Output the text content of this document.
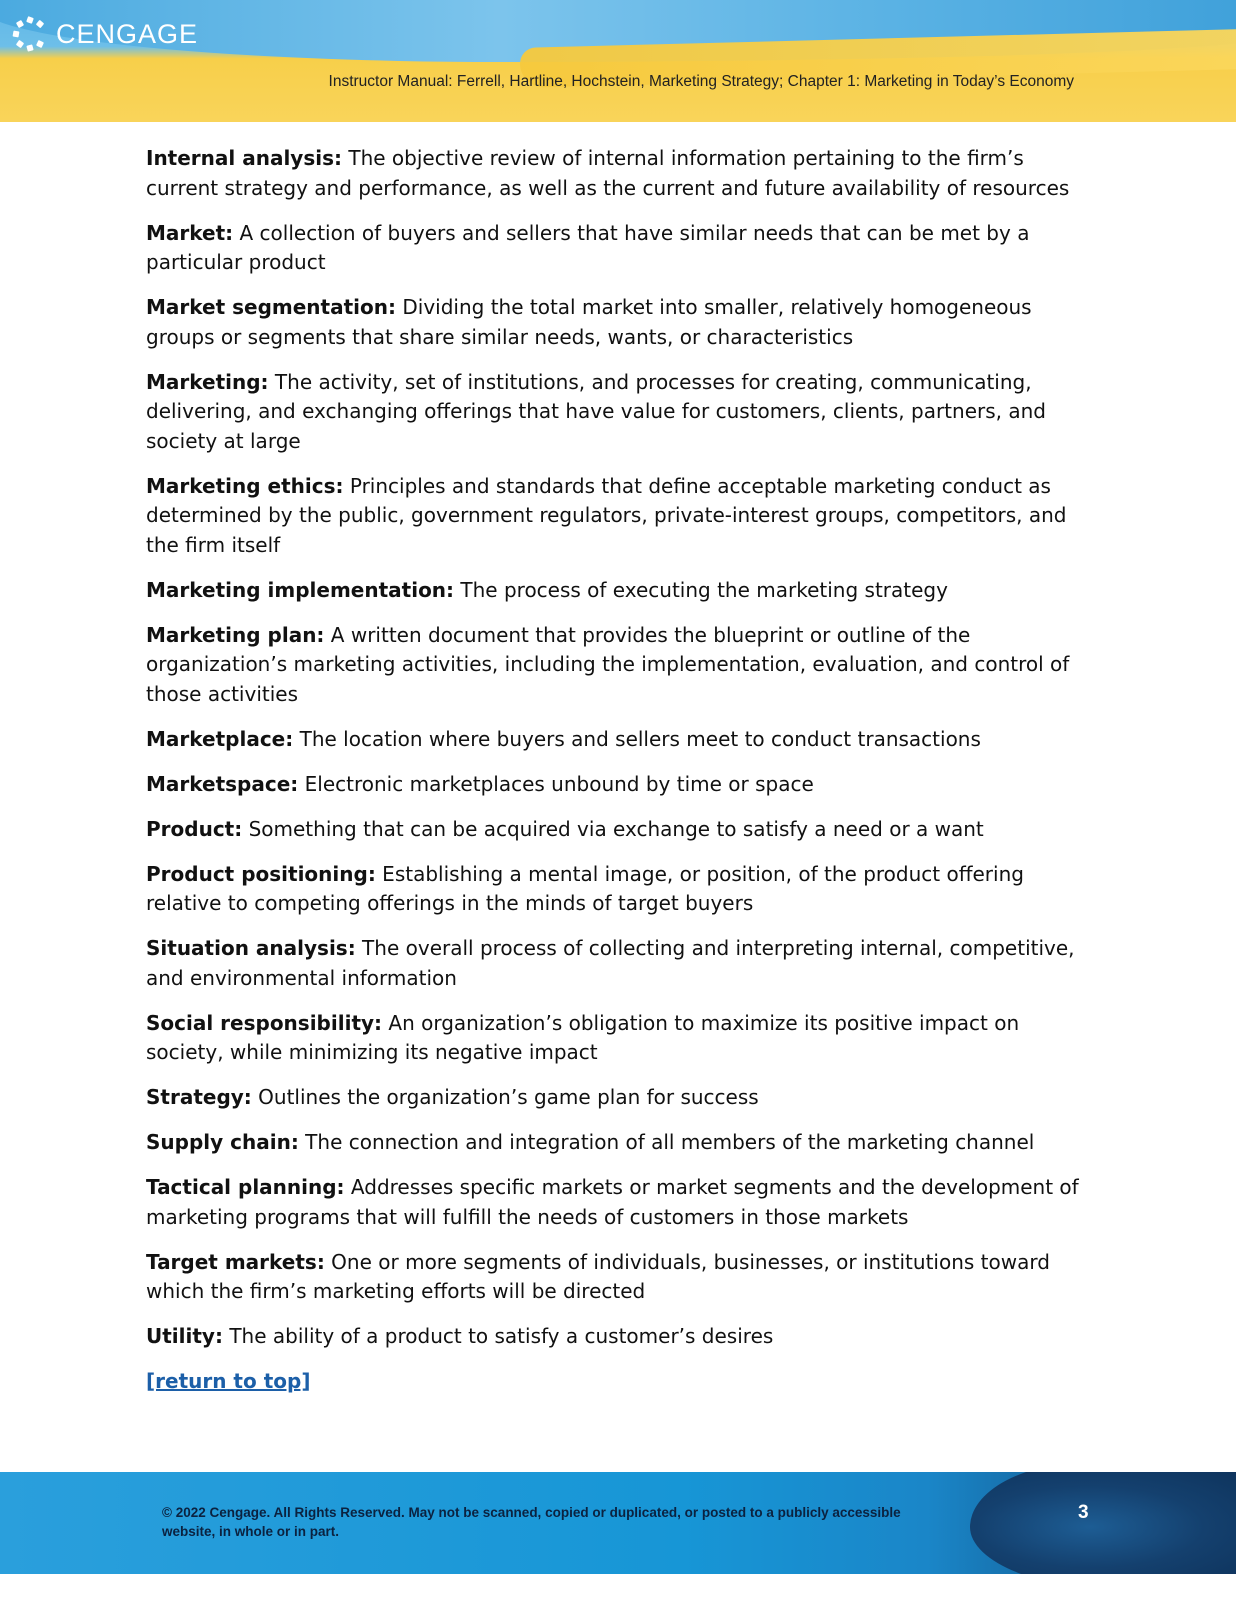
CENGAGE
Instructor Manual: Ferrell, Hartline, Hochstein, Marketing Strategy; Chapter 1: Marketing in Today’s Economy

Internal analysis: The objective review of internal information pertaining to the firm’s current strategy and performance, as well as the current and future availability of resources

Market: A collection of buyers and sellers that have similar needs that can be met by a particular product

Market segmentation: Dividing the total market into smaller, relatively homogeneous groups or segments that share similar needs, wants, or characteristics

Marketing: The activity, set of institutions, and processes for creating, communicating, delivering, and exchanging offerings that have value for customers, clients, partners, and society at large

Marketing ethics: Principles and standards that define acceptable marketing conduct as determined by the public, government regulators, private-interest groups, competitors, and the firm itself

Marketing implementation: The process of executing the marketing strategy

Marketing plan: A written document that provides the blueprint or outline of the organization’s marketing activities, including the implementation, evaluation, and control of those activities

Marketplace: The location where buyers and sellers meet to conduct transactions

Marketspace: Electronic marketplaces unbound by time or space

Product: Something that can be acquired via exchange to satisfy a need or a want

Product positioning: Establishing a mental image, or position, of the product offering relative to competing offerings in the minds of target buyers

Situation analysis: The overall process of collecting and interpreting internal, competitive, and environmental information

Social responsibility: An organization’s obligation to maximize its positive impact on society, while minimizing its negative impact

Strategy: Outlines the organization’s game plan for success

Supply chain: The connection and integration of all members of the marketing channel

Tactical planning: Addresses specific markets or market segments and the development of marketing programs that will fulfill the needs of customers in those markets

Target markets: One or more segments of individuals, businesses, or institutions toward which the firm’s marketing efforts will be directed

Utility: The ability of a product to satisfy a customer’s desires

[return to top]
© 2022 Cengage. All Rights Reserved. May not be scanned, copied or duplicated, or posted to a publicly accessible website, in whole or in part.
3
